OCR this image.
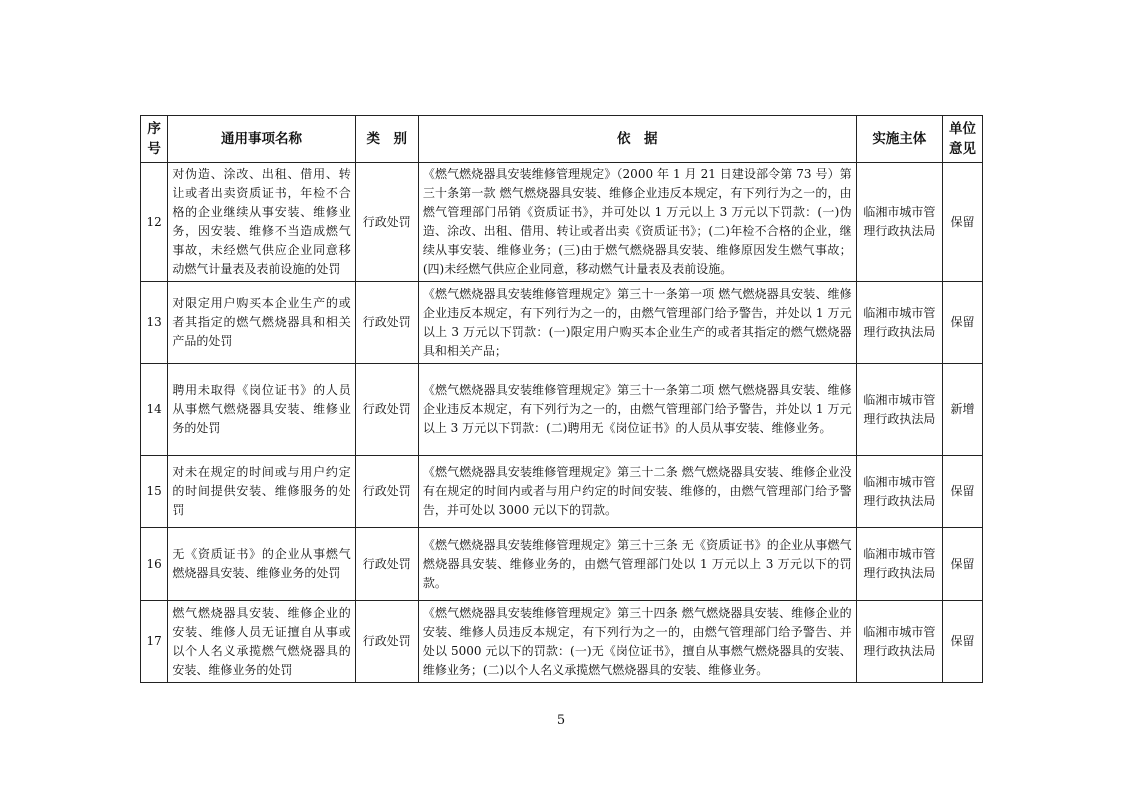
序号	通用事项名称	类　别	依　据	实施主体	单位意见
12	对伪造、涂改、出租、借用、转让或者出卖资质证书，年检不合格的企业继续从事安装、维修业务，因安装、维修不当造成燃气事故，未经燃气供应企业同意移动燃气计量表及表前设施的处罚	行政处罚	《燃气燃烧器具安装维修管理规定》（2000 年 1 月 21 日建设部令第 73 号）第三十条第一款 燃气燃烧器具安装、维修企业违反本规定，有下列行为之一的，由燃气管理部门吊销《资质证书》，并可处以 1 万元以上 3 万元以下罚款：(一)伪造、涂改、出租、借用、转让或者出卖《资质证书》；(二)年检不合格的企业，继续从事安装、维修业务；(三)由于燃气燃烧器具安装、维修原因发生燃气事故；(四)未经燃气供应企业同意，移动燃气计量表及表前设施。	临湘市城市管理行政执法局	保留
13	对限定用户购买本企业生产的或者其指定的燃气燃烧器具和相关产品的处罚	行政处罚	《燃气燃烧器具安装维修管理规定》第三十一条第一项 燃气燃烧器具安装、维修企业违反本规定，有下列行为之一的，由燃气管理部门给予警告，并处以 1 万元以上 3 万元以下罚款：(一)限定用户购买本企业生产的或者其指定的燃气燃烧器具和相关产品；	临湘市城市管理行政执法局	保留
14	聘用未取得《岗位证书》的人员从事燃气燃烧器具安装、维修业务的处罚	行政处罚	《燃气燃烧器具安装维修管理规定》第三十一条第二项 燃气燃烧器具安装、维修企业违反本规定，有下列行为之一的，由燃气管理部门给予警告，并处以 1 万元以上 3 万元以下罚款：(二)聘用无《岗位证书》的人员从事安装、维修业务。	临湘市城市管理行政执法局	新增
15	对未在规定的时间或与用户约定的时间提供安装、维修服务的处罚	行政处罚	《燃气燃烧器具安装维修管理规定》第三十二条 燃气燃烧器具安装、维修企业没有在规定的时间内或者与用户约定的时间安装、维修的，由燃气管理部门给予警告，并可处以 3000 元以下的罚款。	临湘市城市管理行政执法局	保留
16	无《资质证书》的企业从事燃气燃烧器具安装、维修业务的处罚	行政处罚	《燃气燃烧器具安装维修管理规定》第三十三条 无《资质证书》的企业从事燃气燃烧器具安装、维修业务的，由燃气管理部门处以 1 万元以上 3 万元以下的罚款。	临湘市城市管理行政执法局	保留
17	燃气燃烧器具安装、维修企业的安装、维修人员无证擅自从事或以个人名义承揽燃气燃烧器具的安装、维修业务的处罚	行政处罚	《燃气燃烧器具安装维修管理规定》第三十四条 燃气燃烧器具安装、维修企业的安装、维修人员违反本规定，有下列行为之一的，由燃气管理部门给予警告、并处以 5000 元以下的罚款：(一)无《岗位证书》，擅自从事燃气燃烧器具的安装、维修业务；(二)以个人名义承揽燃气燃烧器具的安装、维修业务。	临湘市城市管理行政执法局	保留
5
